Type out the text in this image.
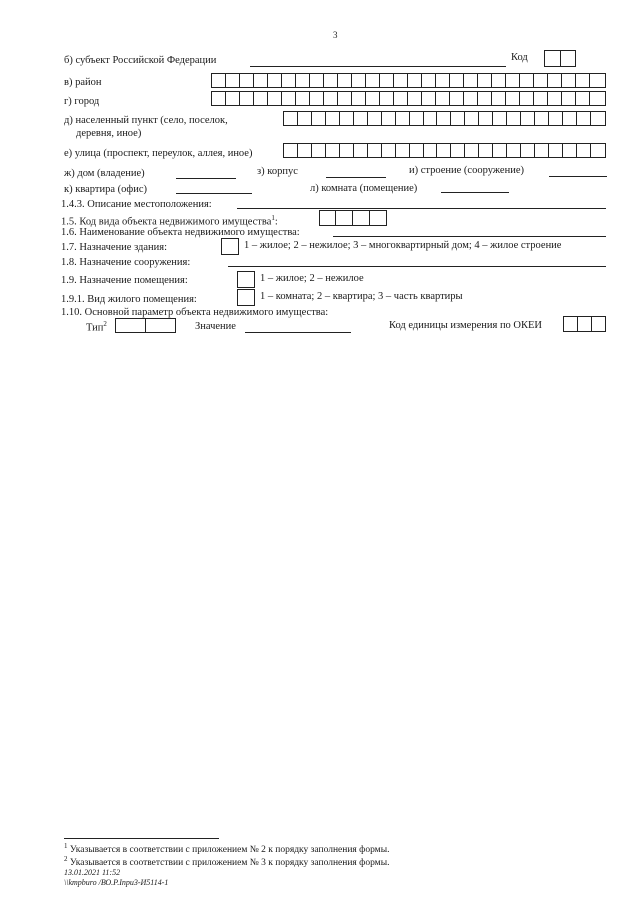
3
б) субъект Российской Федерации	Код
в) район
г) город
д) населенный пункт (село, поселок,
деревня, иное)
е) улица (проспект, переулок, аллея, иное)
ж) дом (владение)	з) корпус	и) строение (сооружение)
к) квартира (офис)	л) комната (помещение)
1.4.3. Описание местоположения:
1.5. Код вида объекта недвижимого имущества$^1$:
1.6. Наименование объекта недвижимого имущества:
1.7. Назначение здания:	1 – жилое; 2 – нежилое; 3 – многоквартирный дом; 4 – жилое строение
1.8. Назначение сооружения:
1.9. Назначение помещения:	1 – жилое; 2 – нежилое
1.9.1. Вид жилого помещения:	1 – комната; 2 – квартира; 3 – часть квартиры
1.10. Основной параметр объекта недвижимого имущества:
Тип$^2$	Значение	Код единицы измерения по ОКЕИ
$^1$ Указывается в соответствии с приложением № 2 к порядку заполнения формы.
$^2$ Указывается в соответствии с приложением № 3 к порядку заполнения формы.
13.01.2021 11:52
\\kmpburo /ВО.Р.Inpu3-И5114-1
